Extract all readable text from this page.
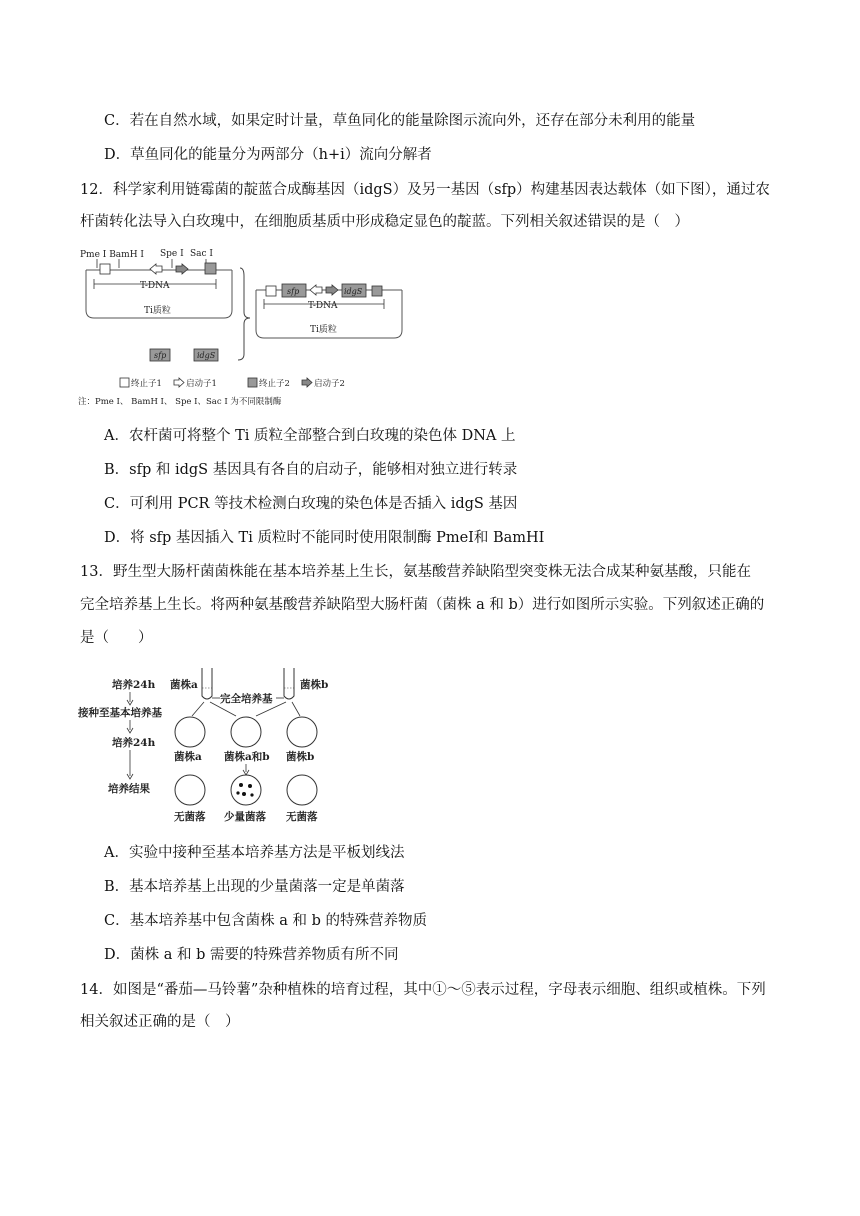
C．若在自然水域，如果定时计量，草鱼同化的能量除图示流向外，还存在部分未利用的能量
D．草鱼同化的能量分为两部分（h+i）流向分解者
12．科学家利用链霉菌的靛蓝合成酶基因（idgS）及另一基因（sfp）构建基因表达载体（如下图），通过农
杆菌转化法导入白玫瑰中，在细胞质基质中形成稳定显色的靛蓝。下列相关叙述错误的是（　）
Pme I BamH I Spe I Sac I
T-DNA
Ti质粒
sfp	idgS
sfp	idgS
T-DNA
Ti质粒
终止子1	启动子1	终止子2	启动子2
注：Pme I、 BamH I、 Spe I、Sac I 为不同限制酶
A．农杆菌可将整个 Ti 质粒全部整合到白玫瑰的染色体 DNA 上
B．sfp 和 idgS 基因具有各自的启动子，能够相对独立进行转录
C．可利用 PCR 等技术检测白玫瑰的染色体是否插入 idgS 基因
D．将 sfp 基因插入 Ti 质粒时不能同时使用限制酶 PmeⅠ和 BamHⅠ
13．野生型大肠杆菌菌株能在基本培养基上生长，氨基酸营养缺陷型突变株无法合成某种氨基酸，只能在
完全培养基上生长。将两种氨基酸营养缺陷型大肠杆菌（菌株 a 和 b）进行如图所示实验。下列叙述正确的
是（　　）
培养24h
接种至基本培养基
培养24h
培养结果
菌株a	菌株b
完全培养基
菌株a 菌株a和b 菌株b
无菌落 少量菌落 无菌落
A．实验中接种至基本培养基方法是平板划线法
B．基本培养基上出现的少量菌落一定是单菌落
C．基本培养基中包含菌株 a 和 b 的特殊营养物质
D．菌株 a 和 b 需要的特殊营养物质有所不同
14．如图是“番茄—马铃薯”杂种植株的培育过程，其中①～⑤表示过程，字母表示细胞、组织或植株。下列
相关叙述正确的是（　）
